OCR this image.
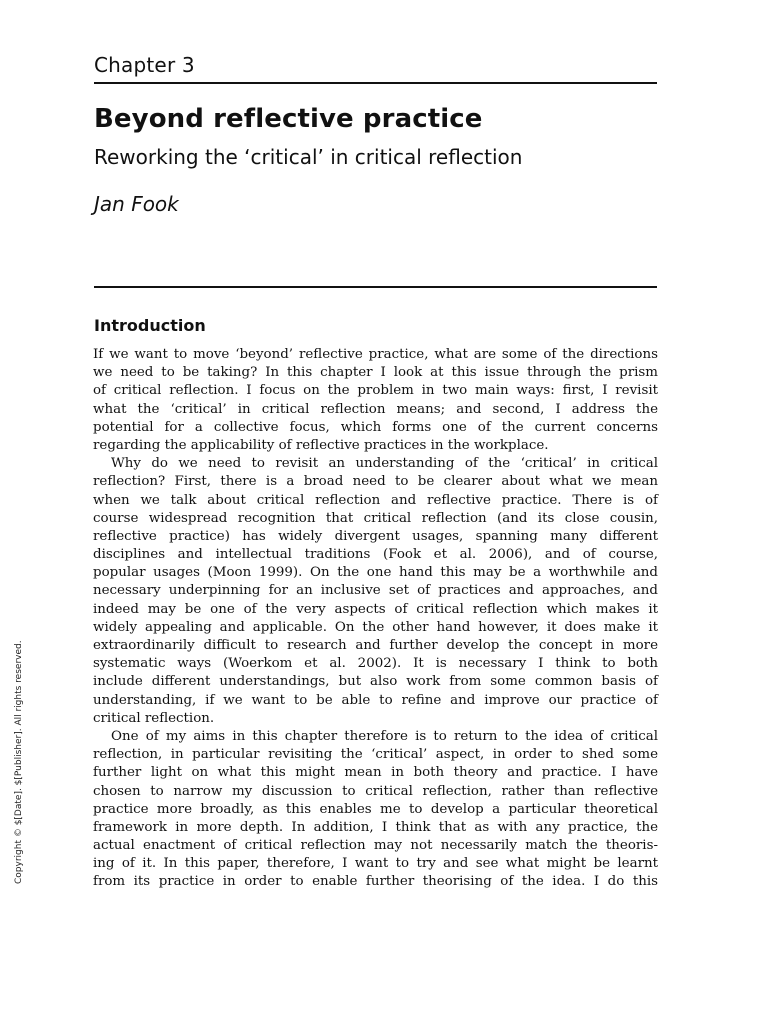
Chapter 3
Beyond reflective practice
Reworking the ‘critical’ in critical reflection
Jan Fook
Introduction
If we want to move ‘beyond’ reflective practice, what are some of the directions
we need to be taking? In this chapter I look at this issue through the prism
of critical reflection. I focus on the problem in two main ways: first, I revisit
what the ‘critical’ in critical reflection means; and second, I address the
potential for a collective focus, which forms one of the current concerns
regarding the applicability of reflective practices in the workplace.
Why do we need to revisit an understanding of the ‘critical’ in critical
reflection? First, there is a broad need to be clearer about what we mean
when we talk about critical reflection and reflective practice. There is of
course widespread recognition that critical reflection (and its close cousin,
reflective practice) has widely divergent usages, spanning many different
disciplines and intellectual traditions (Fook et al. 2006), and of course,
popular usages (Moon 1999). On the one hand this may be a worthwhile and
necessary underpinning for an inclusive set of practices and approaches, and
indeed may be one of the very aspects of critical reflection which makes it
widely appealing and applicable. On the other hand however, it does make it
extraordinarily difficult to research and further develop the concept in more
systematic ways (Woerkom et al. 2002). It is necessary I think to both
include different understandings, but also work from some common basis of
understanding, if we want to be able to refine and improve our practice of
critical reflection.
One of my aims in this chapter therefore is to return to the idea of critical
reflection, in particular revisiting the ‘critical’ aspect, in order to shed some
further light on what this might mean in both theory and practice. I have
chosen to narrow my discussion to critical reflection, rather than reflective
practice more broadly, as this enables me to develop a particular theoretical
framework in more depth. In addition, I think that as with any practice, the
actual enactment of critical reflection may not necessarily match the theoris-
ing of it. In this paper, therefore, I want to try and see what might be learnt
from its practice in order to enable further theorising of the idea. I do this
Copyright © $[Date]. $[Publisher]. All rights reserved.
